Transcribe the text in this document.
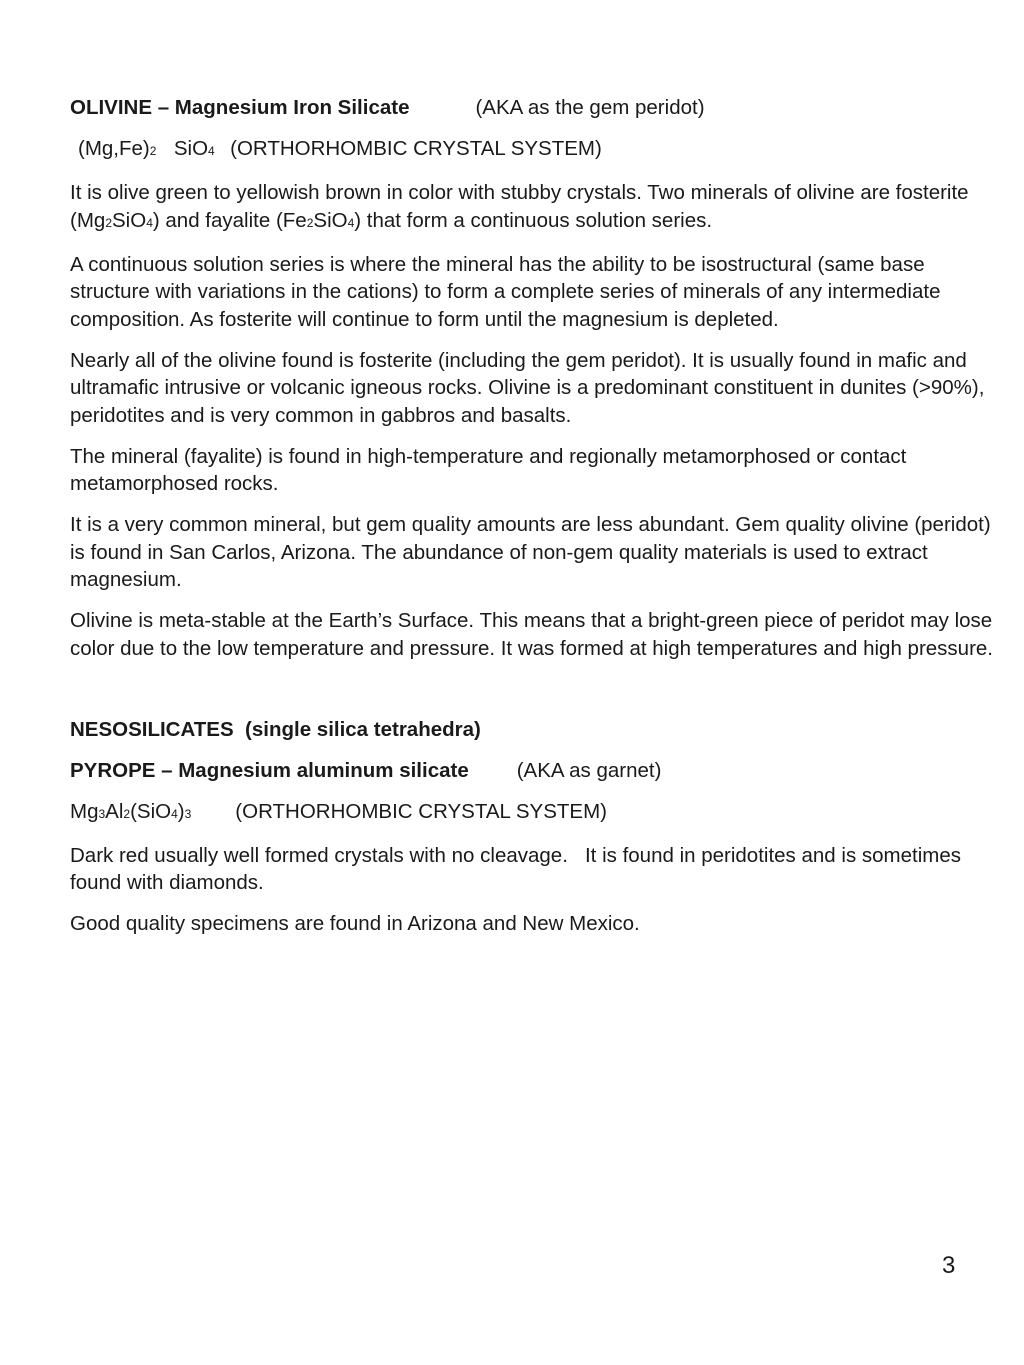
OLIVINE – Magnesium Iron Silicate	(AKA as the gem peridot)

(Mg,Fe)2 SiO4 (ORTHORHOMBIC CRYSTAL SYSTEM)

It is olive green to yellowish brown in color with stubby crystals. Two minerals of olivine are fosterite (Mg2SiO4) and fayalite (Fe2SiO4) that form a continuous solution series.

A continuous solution series is where the mineral has the ability to be isostructural (same base structure with variations in the cations) to form a complete series of minerals of any intermediate composition. As fosterite will continue to form until the magnesium is depleted.

Nearly all of the olivine found is fosterite (including the gem peridot). It is usually found in mafic and ultramafic intrusive or volcanic igneous rocks. Olivine is a predominant constituent in dunites (>90%), peridotites and is very common in gabbros and basalts.

The mineral (fayalite) is found in high-temperature and regionally metamorphosed or contact metamorphosed rocks.

It is a very common mineral, but gem quality amounts are less abundant. Gem quality olivine (peridot) is found in San Carlos, Arizona. The abundance of non-gem quality materials is used to extract magnesium.

Olivine is meta-stable at the Earth’s Surface. This means that a bright-green piece of peridot may lose color due to the low temperature and pressure. It was formed at high temperatures and high pressure.

NESOSILICATES  (single silica tetrahedra)

PYROPE – Magnesium aluminum silicate (AKA as garnet)

Mg3Al2(SiO4)3 (ORTHORHOMBIC CRYSTAL SYSTEM)

Dark red usually well formed crystals with no cleavage.   It is found in peridotites and is sometimes found with diamonds.

Good quality specimens are found in Arizona and New Mexico.

3
